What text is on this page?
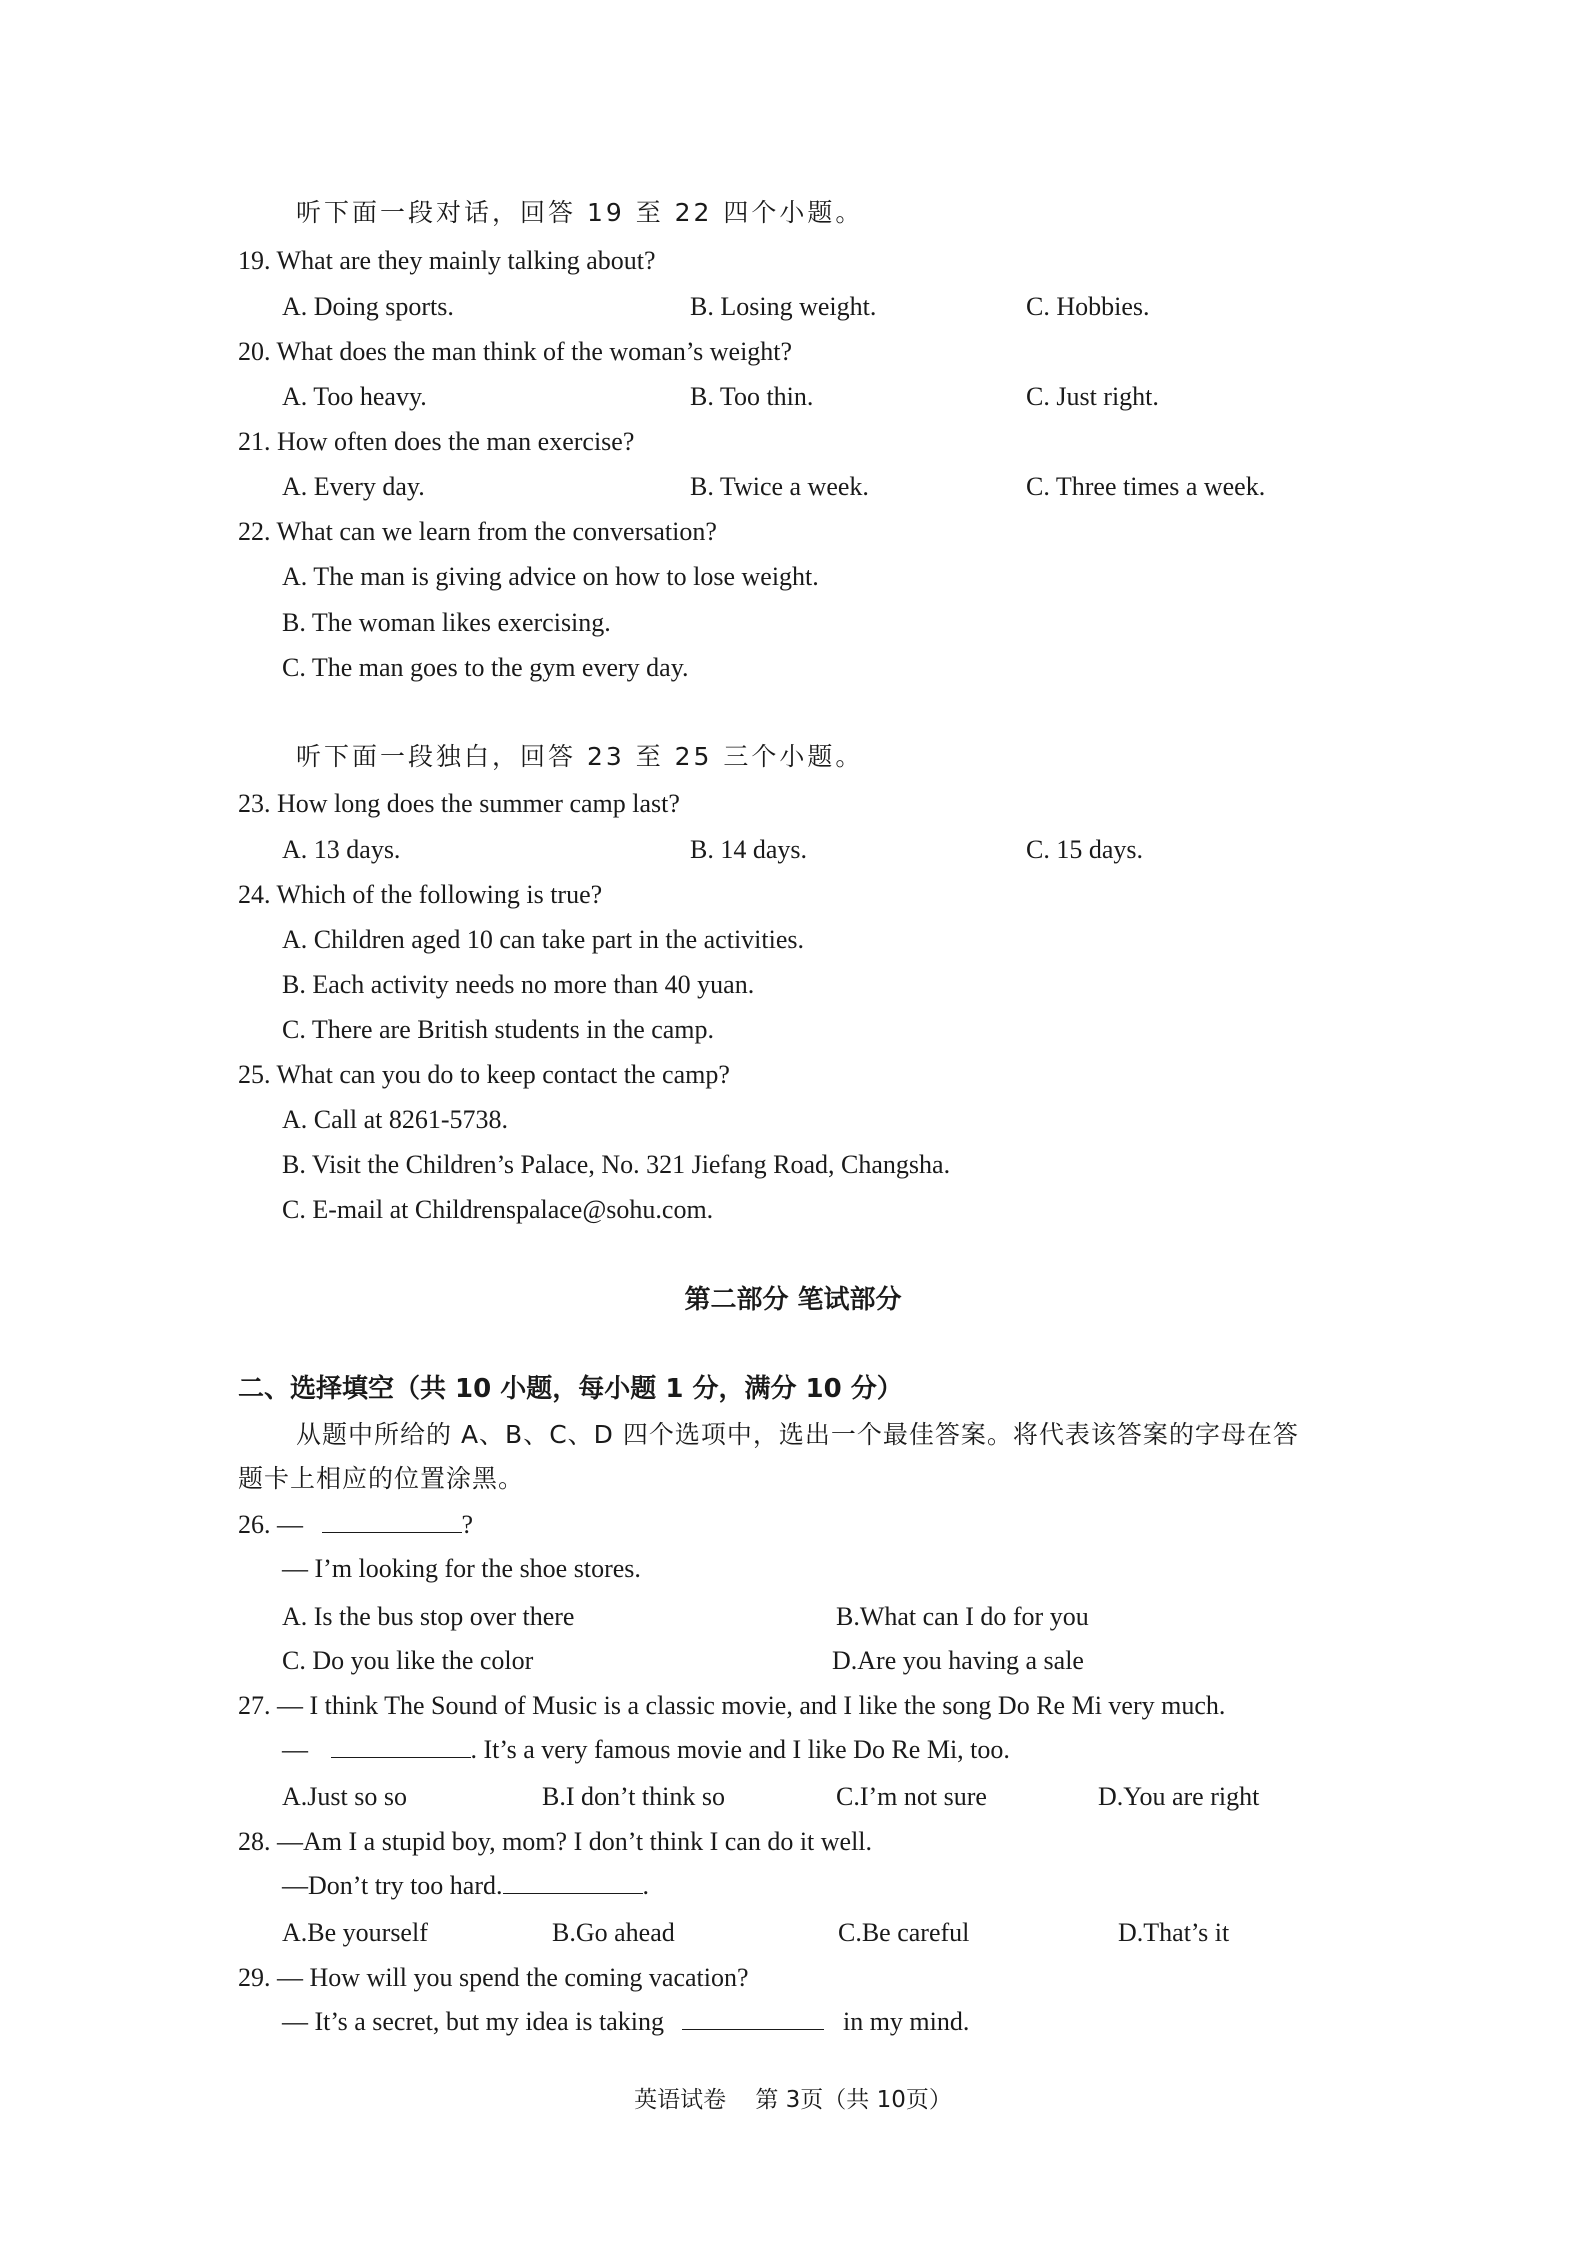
听下面一段对话，回答 19 至 22 四个小题。
19. What are they mainly talking about?
A. Doing sports.	B. Losing weight.	C. Hobbies.
20. What does the man think of the woman’s weight?
A. Too heavy.	B. Too thin.	C. Just right.
21. How often does the man exercise?
A. Every day.	B. Twice a week.	C. Three times a week.
22. What can we learn from the conversation?
A. The man is giving advice on how to lose weight.
B. The woman likes exercising.
C. The man goes to the gym every day.
听下面一段独白，回答 23 至 25 三个小题。
23. How long does the summer camp last?
A. 13 days.	B. 14 days.	C. 15 days.
24. Which of the following is true?
A. Children aged 10 can take part in the activities.
B. Each activity needs no more than 40 yuan.
C. There are British students in the camp.
25. What can you do to keep contact the camp?
A. Call at 8261-5738.
B. Visit the Children’s Palace, No. 321 Jiefang Road, Changsha.
C. E-mail at Childrenspalace@sohu.com.
第二部分 笔试部分
二、选择填空（共 10 小题，每小题 1 分，满分 10 分）
从题中所给的 A、B、C、D 四个选项中，选出一个最佳答案。将代表该答案的字母在答
题卡上相应的位置涂黑。
26. —	?
— I’m looking for the shoe stores.
A. Is the bus stop over there	B.What can I do for you
C. Do you like the color	D.Are you having a sale
27. — I think The Sound of Music is a classic movie, and I like the song Do Re Mi very much.
—	. It’s a very famous movie and I like Do Re Mi, too.
A.Just so so	B.I don’t think so	C.I’m not sure	D.You are right
28. —Am I a stupid boy, mom? I don’t think I can do it well.
—Don’t try too hard.	.
A.Be yourself	B.Go ahead	C.Be careful	D.That’s it
29. — How will you spend the coming vacation?
— It’s a secret, but my idea is taking	in my mind.
英语试卷    第 3页（共 10页）
